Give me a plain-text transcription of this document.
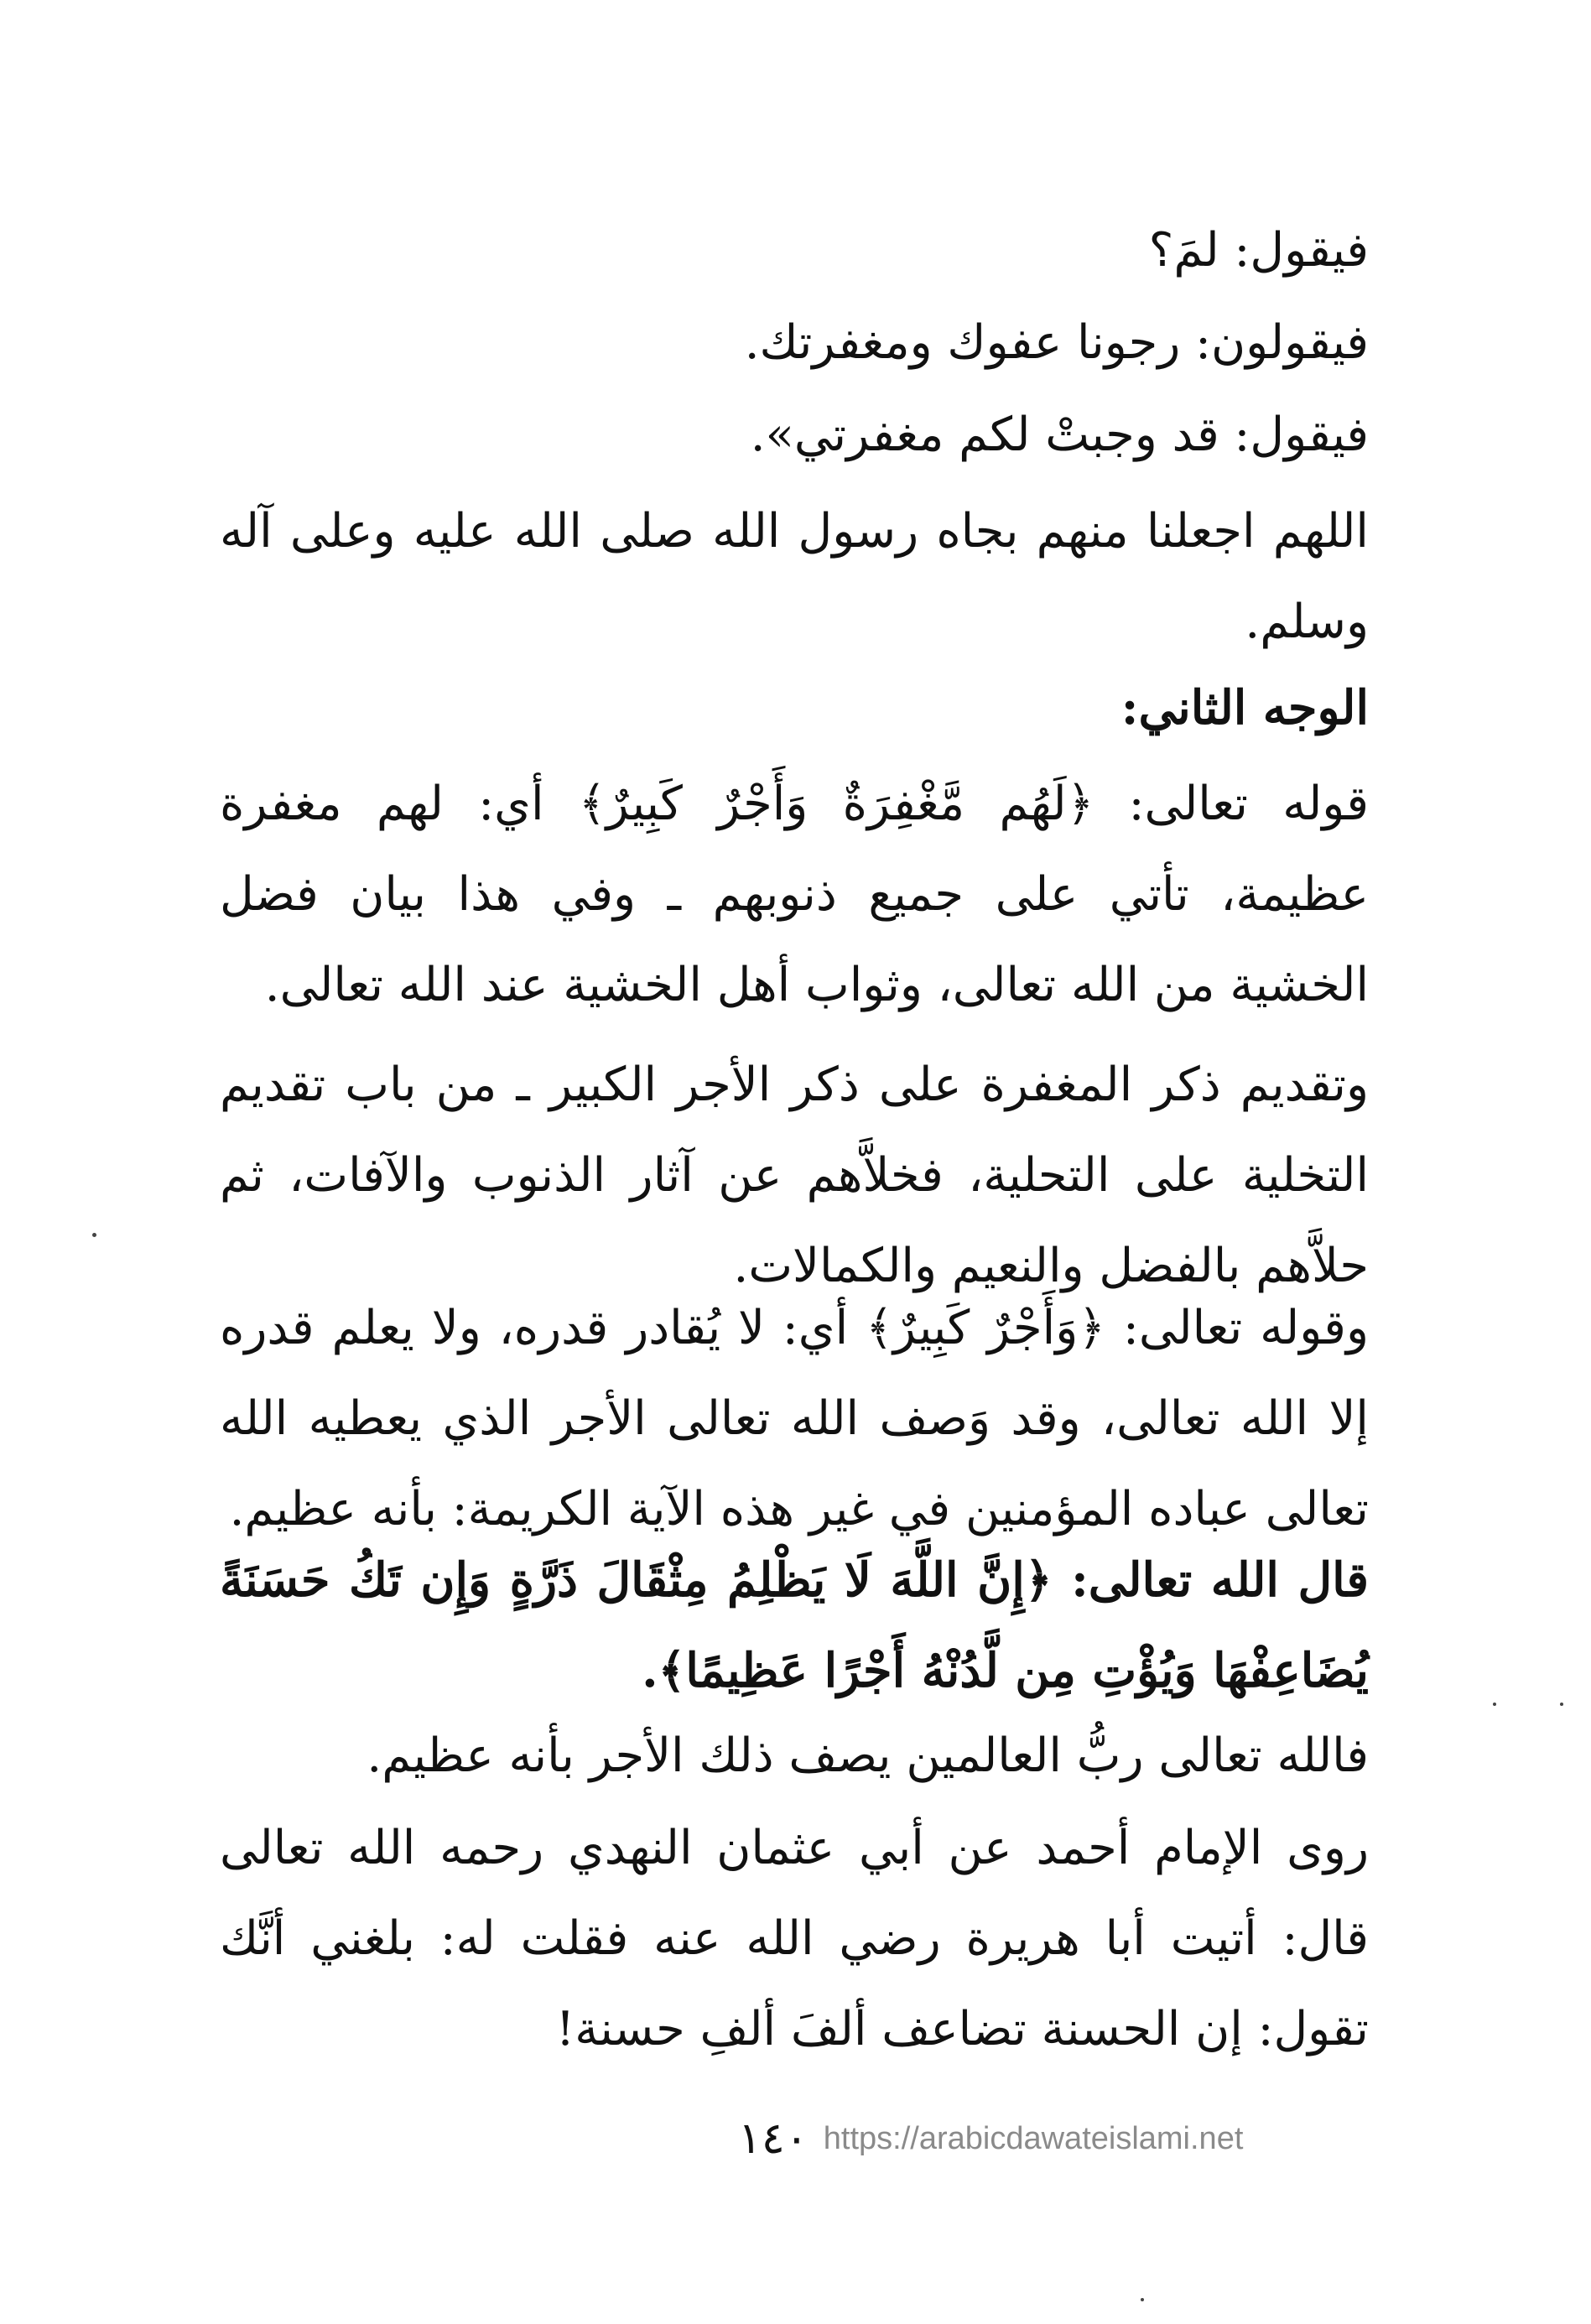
فيقول: لمَ؟
فيقولون: رجونا عفوك ومغفرتك.
فيقول: قد وجبتْ لكم مغفرتي».
اللهم اجعلنا منهم بجاه رسول الله صلى الله عليه وعلى آله وسلم.
الوجه الثاني:
قوله تعالى: ﴿لَهُم مَّغْفِرَةٌ وَأَجْرٌ كَبِيرٌ﴾ أي: لهم مغفرة عظيمة، تأتي على جميع ذنوبهم ـ وفي هذا بيان فضل الخشية من الله تعالى، وثواب أهل الخشية عند الله تعالى.
وتقديم ذكر المغفرة على ذكر الأجر الكبير ـ من باب تقديم التخلية على التحلية، فخلاَّهم عن آثار الذنوب والآفات، ثم حلاَّهم بالفضل والنعيم والكمالات.
وقوله تعالى: ﴿وَأَجْرٌ كَبِيرٌ﴾ أي: لا يُقادر قدره، ولا يعلم قدره إلا الله تعالى، وقد وَصف الله تعالى الأجر الذي يعطيه الله تعالى عباده المؤمنين في غير هذه الآية الكريمة: بأنه عظيم.
قال الله تعالى: ﴿إِنَّ اللَّهَ لَا يَظْلِمُ مِثْقَالَ ذَرَّةٍ وَإِن تَكُ حَسَنَةً يُضَاعِفْهَا وَيُؤْتِ مِن لَّدُنْهُ أَجْرًا عَظِيمًا﴾.
فالله تعالى ربُّ العالمين يصف ذلك الأجر بأنه عظيم.
روى الإمام أحمد عن أبي عثمان النهدي رحمه الله تعالى قال: أتيت أبا هريرة رضي الله عنه فقلت له: بلغني أنَّك تقول: إن الحسنة تضاعف ألفَ ألفِ حسنة!
١٤٠ https://arabicdawateislami.net
